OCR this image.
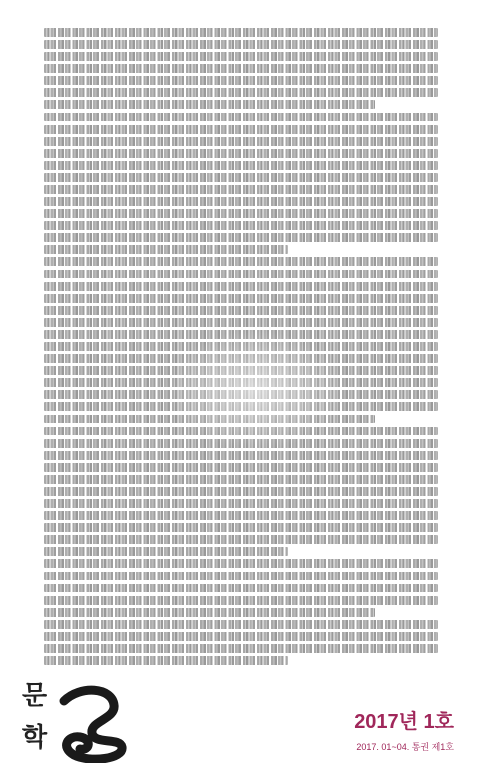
문
학
2017년 1호
2017. 01~04. 통권 제1호
